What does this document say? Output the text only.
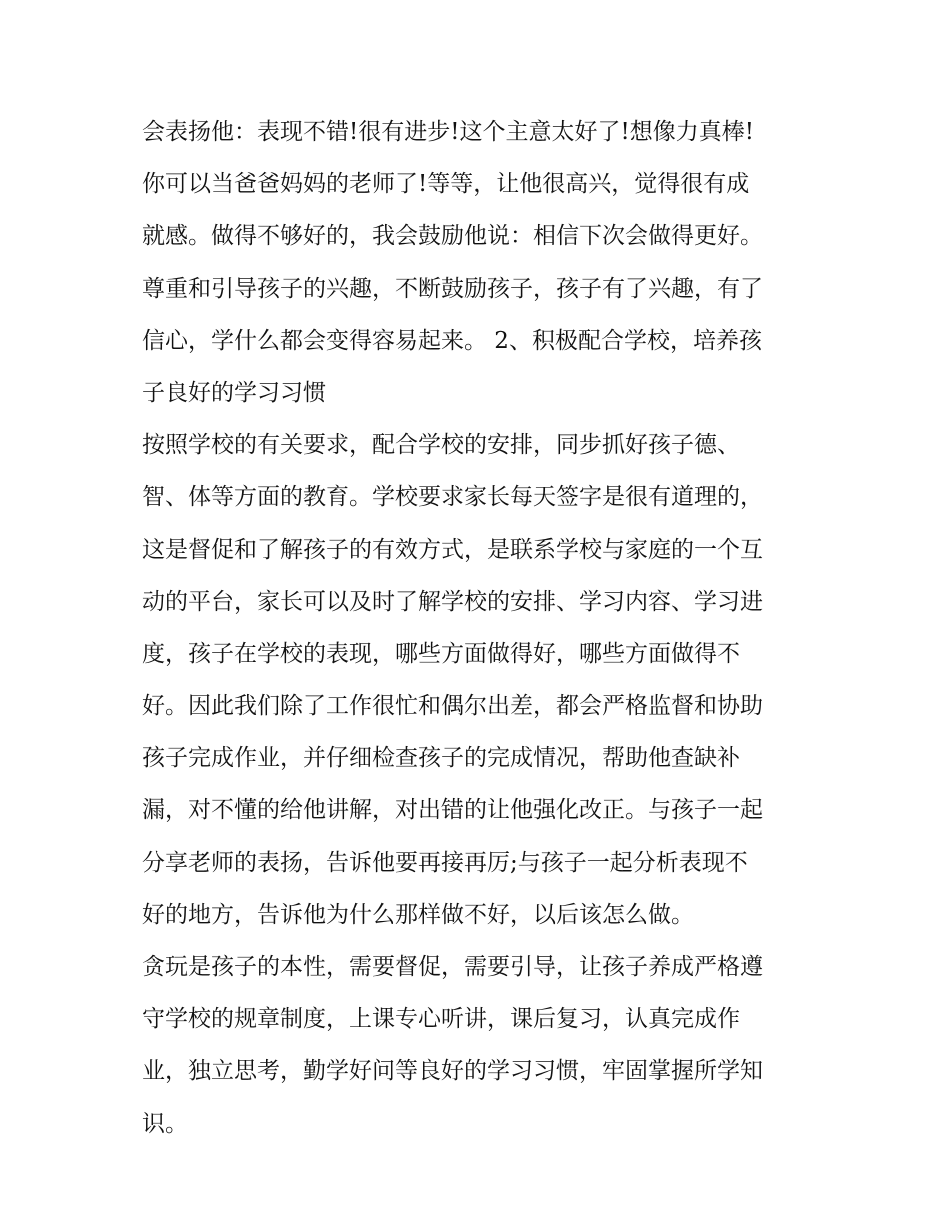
会表扬他：表现不错!很有进步!这个主意太好了!想像力真棒!
你可以当爸爸妈妈的老师了!等等，让他很高兴，觉得很有成
就感。做得不够好的，我会鼓励他说：相信下次会做得更好。
尊重和引导孩子的兴趣，不断鼓励孩子，孩子有了兴趣，有了
信心，学什么都会变得容易起来。 2、积极配合学校，培养孩
子良好的学习习惯
按照学校的有关要求，配合学校的安排，同步抓好孩子德、
智、体等方面的教育。学校要求家长每天签字是很有道理的，
这是督促和了解孩子的有效方式，是联系学校与家庭的一个互
动的平台，家长可以及时了解学校的安排、学习内容、学习进
度，孩子在学校的表现，哪些方面做得好，哪些方面做得不
好。因此我们除了工作很忙和偶尔出差，都会严格监督和协助
孩子完成作业，并仔细检查孩子的完成情况，帮助他查缺补
漏，对不懂的给他讲解，对出错的让他强化改正。与孩子一起
分享老师的表扬，告诉他要再接再厉;与孩子一起分析表现不
好的地方，告诉他为什么那样做不好，以后该怎么做。
贪玩是孩子的本性，需要督促，需要引导，让孩子养成严格遵
守学校的规章制度，上课专心听讲，课后复习，认真完成作
业，独立思考，勤学好问等良好的学习习惯，牢固掌握所学知
识。
